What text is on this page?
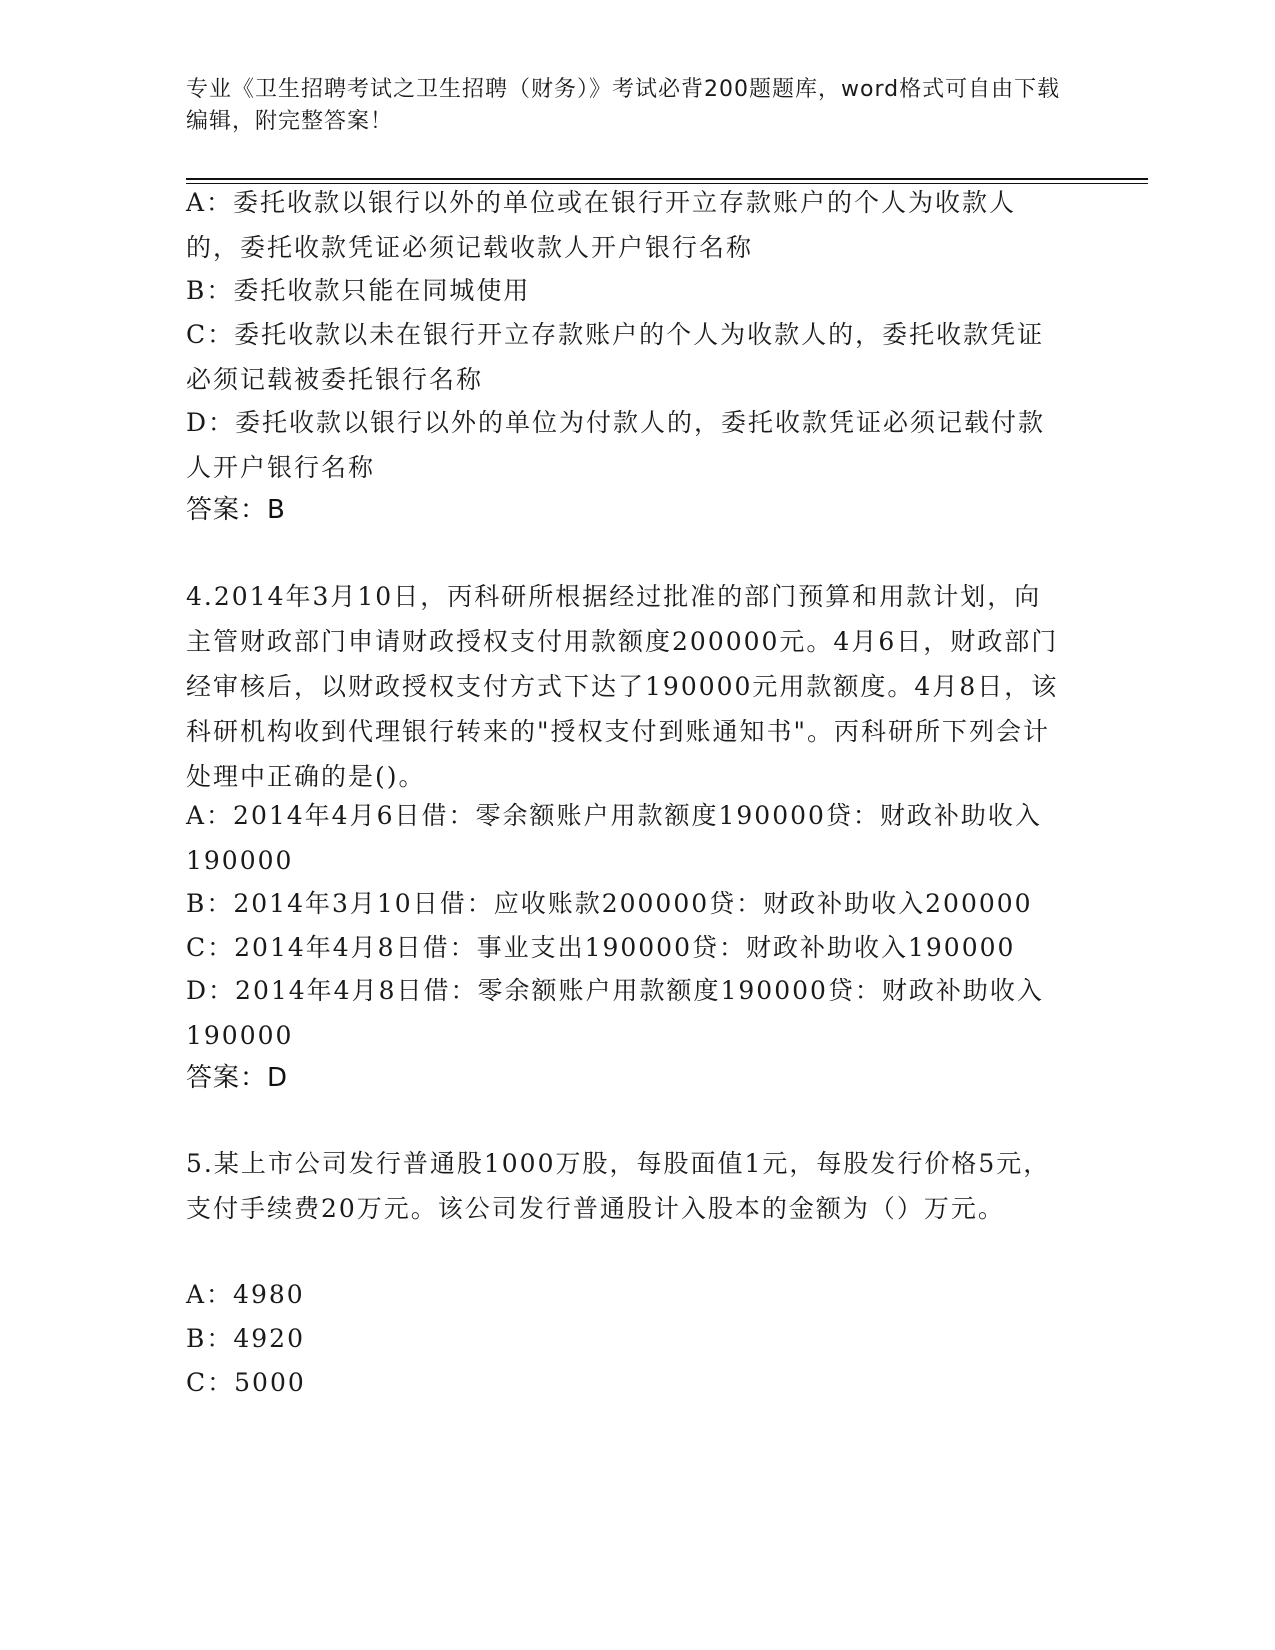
专业《卫生招聘考试之卫生招聘（财务）》考试必背200题题库，word格式可自由下载编辑，附完整答案！

A：委托收款以银行以外的单位或在银行开立存款账户的个人为收款人的，委托收款凭证必须记载收款人开户银行名称

B：委托收款只能在同城使用

C：委托收款以未在银行开立存款账户的个人为收款人的，委托收款凭证必须记载被委托银行名称

D：委托收款以银行以外的单位为付款人的，委托收款凭证必须记载付款人开户银行名称

答案：B

4.2014年3月10日，丙科研所根据经过批准的部门预算和用款计划，向主管财政部门申请财政授权支付用款额度200000元。4月6日，财政部门经审核后，以财政授权支付方式下达了190000元用款额度。4月8日，该科研机构收到代理银行转来的"授权支付到账通知书"。丙科研所下列会计处理中正确的是()。

A：2014年4月6日借：零余额账户用款额度190000贷：财政补助收入190000

B：2014年3月10日借：应收账款200000贷：财政补助收入200000

C：2014年4月8日借：事业支出190000贷：财政补助收入190000

D：2014年4月8日借：零余额账户用款额度190000贷：财政补助收入190000

答案：D

5.某上市公司发行普通股1000万股，每股面值1元，每股发行价格5元，支付手续费20万元。该公司发行普通股计入股本的金额为（）万元。

A：4980

B：4920

C：5000
